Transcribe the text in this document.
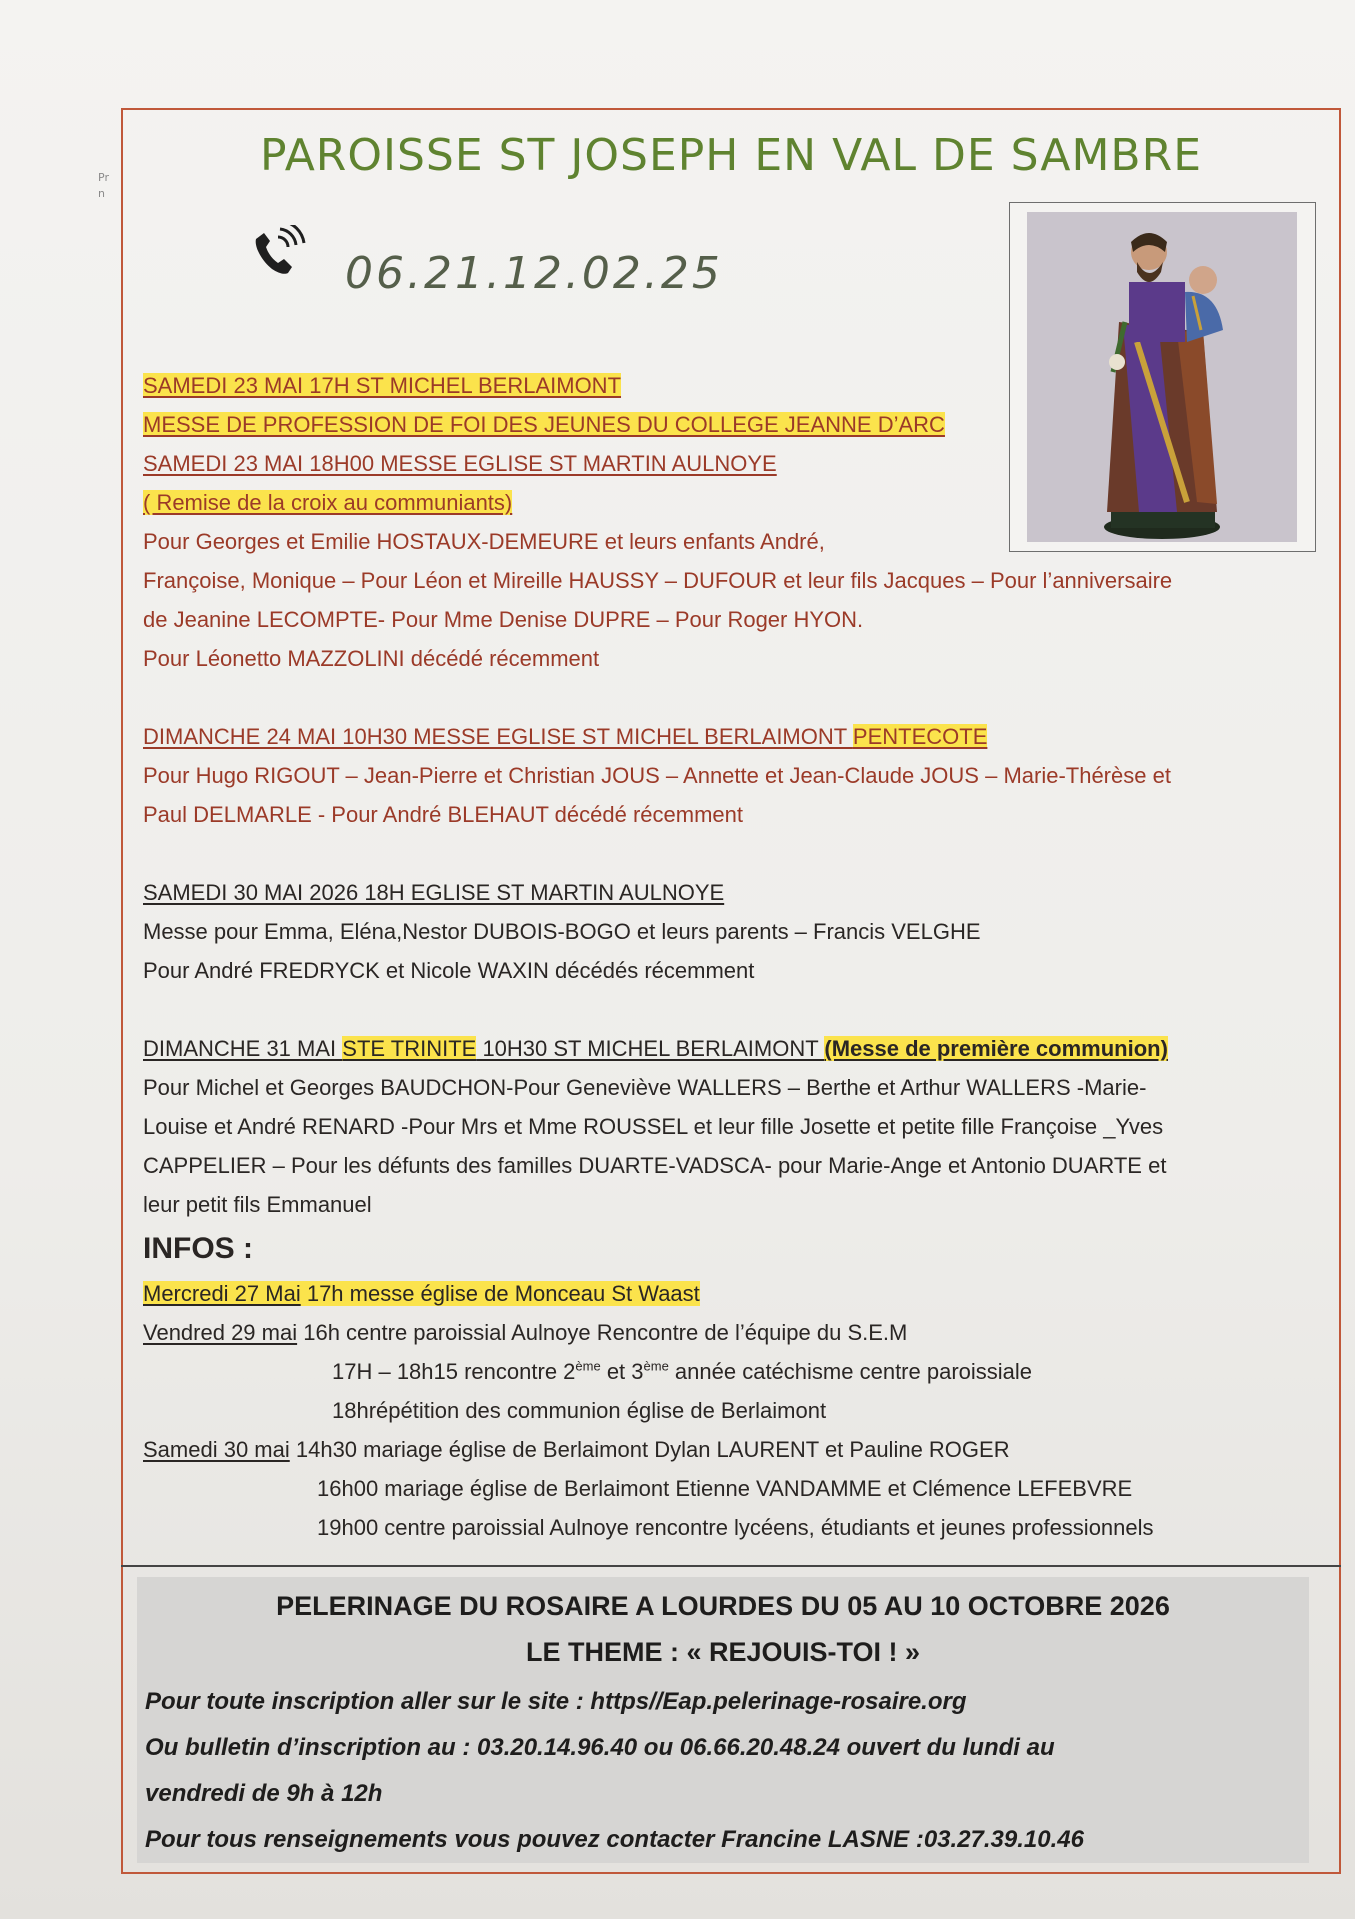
Pr
n
PAROISSE ST JOSEPH EN VAL DE SAMBRE
06.21.12.02.25
SAMEDI 23 MAI 17H ST MICHEL BERLAIMONT
MESSE DE PROFESSION DE FOI DES JEUNES DU COLLEGE JEANNE D’ARC
SAMEDI 23 MAI 18H00 MESSE EGLISE ST MARTIN AULNOYE
( Remise de la croix au communiants)
Pour Georges et Emilie HOSTAUX-DEMEURE et leurs enfants André,
Françoise, Monique – Pour Léon et Mireille HAUSSY – DUFOUR et leur fils Jacques – Pour l’anniversaire
de Jeanine LECOMPTE- Pour Mme Denise DUPRE – Pour Roger HYON.
Pour Léonetto MAZZOLINI décédé récemment
DIMANCHE 24 MAI 10H30 MESSE EGLISE ST MICHEL BERLAIMONT PENTECOTE
Pour Hugo RIGOUT – Jean-Pierre et Christian JOUS – Annette et Jean-Claude JOUS – Marie-Thérèse et
Paul DELMARLE - Pour André BLEHAUT décédé récemment
SAMEDI 30 MAI 2026 18H EGLISE ST MARTIN AULNOYE
Messe pour Emma, Eléna,Nestor DUBOIS-BOGO et leurs parents – Francis VELGHE
Pour André FREDRYCK et Nicole WAXIN décédés récemment
DIMANCHE 31 MAI STE TRINITE 10H30 ST MICHEL BERLAIMONT (Messe de première communion)
Pour Michel et Georges BAUDCHON-Pour Geneviève WALLERS – Berthe et Arthur WALLERS -Marie-
Louise et André RENARD -Pour Mrs et Mme ROUSSEL et leur fille Josette et petite fille Françoise _Yves
CAPPELIER – Pour les défunts des familles DUARTE-VADSCA- pour Marie-Ange et Antonio DUARTE et
leur petit fils Emmanuel
INFOS :
Mercredi 27 Mai 17h messe église de Monceau St Waast
Vendred 29 mai 16h centre paroissial Aulnoye Rencontre de l’équipe du S.E.M
17H – 18h15 rencontre 2ème et 3ème année catéchisme centre paroissiale
18hrépétition des communion église de Berlaimont
Samedi 30 mai 14h30 mariage église de Berlaimont Dylan LAURENT et Pauline ROGER
16h00 mariage église de Berlaimont Etienne VANDAMME et Clémence LEFEBVRE
19h00 centre paroissial Aulnoye rencontre lycéens, étudiants et jeunes professionnels
PELERINAGE DU ROSAIRE A LOURDES DU 05 AU 10 OCTOBRE 2026
LE THEME : « REJOUIS-TOI ! »
Pour toute inscription aller sur le site : https//Eap.pelerinage-rosaire.org
Ou bulletin d’inscription au : 03.20.14.96.40 ou 06.66.20.48.24 ouvert du lundi au
vendredi de 9h à 12h
Pour tous renseignements vous pouvez contacter Francine LASNE :03.27.39.10.46
